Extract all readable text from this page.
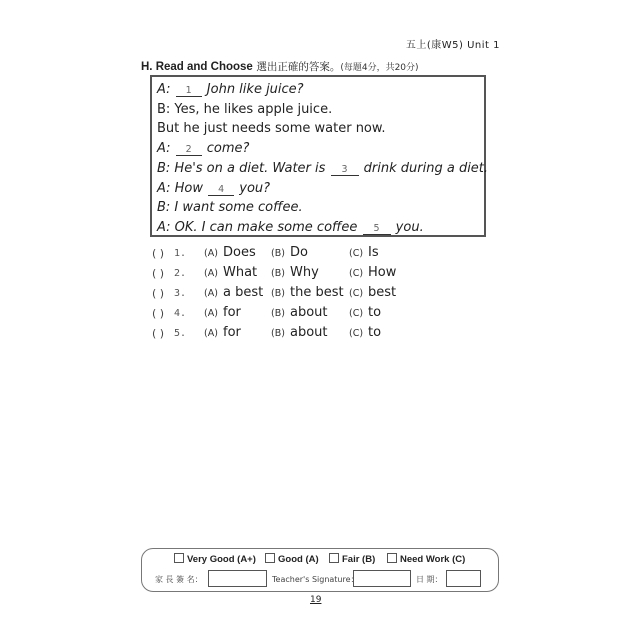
五上(康W5) Unit 1
H. Read and Choose 選出正確的答案。(每題4分，共20分)
A: 1 John like juice?
B: Yes, he likes apple juice.
But he just needs some water now.
A: 2 come?
B: He's on a diet. Water is 3 drink during a diet.
A: How 4 you?
B: I want some coffee.
A: OK. I can make some coffee 5 you.
( ) 1. (A) Does (B) Do	(C) Is
( ) 2. (A) What (B) Why	(C) How
( ) 3. (A) a best (B) the best (C) best
( ) 4. (A) for	(B) about (C) to
( ) 5. (A) for	(B) about (C) to
Very Good (A+)	Good (A)	Fair (B)	Need Work (C)
家 長 簽 名：	Teacher's Signature：	日 期：
19
